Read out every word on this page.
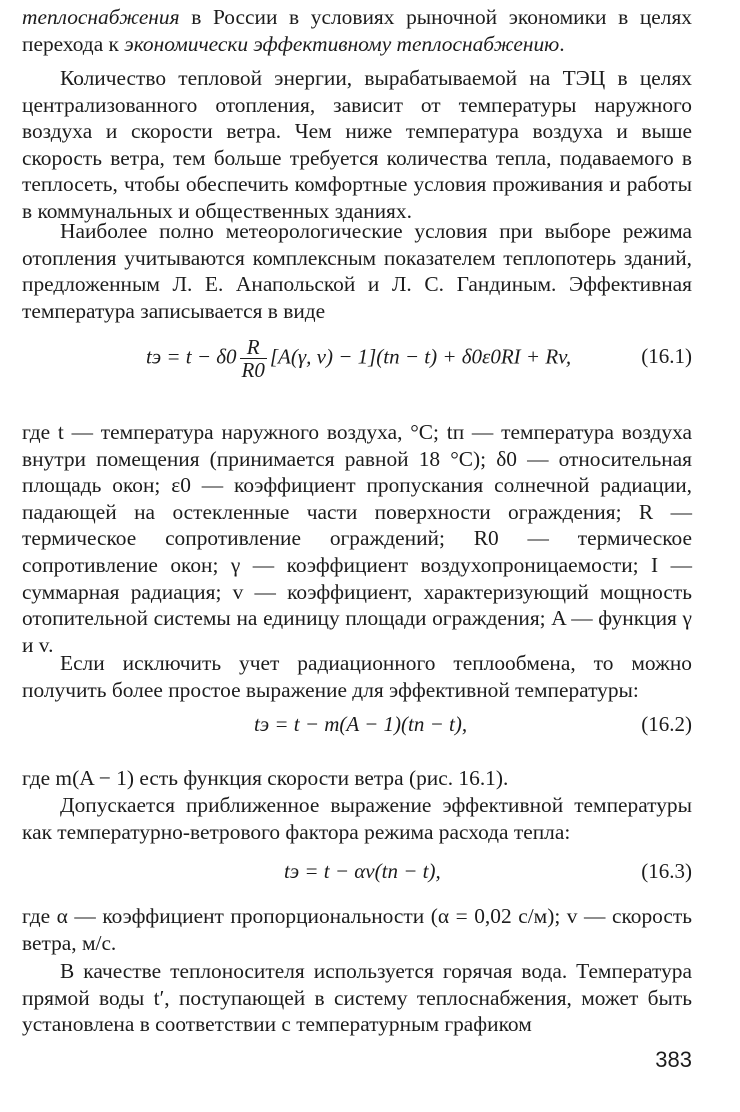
теплоснабжения в России в условиях рыночной экономики в целях перехода к экономически эффективному теплоснабжению.

Количество тепловой энергии, вырабатываемой на ТЭЦ в целях централизованного отопления, зависит от температуры наружного воздуха и скорости ветра. Чем ниже температура воздуха и выше скорость ветра, тем больше требуется количества тепла, подаваемого в теплосеть, чтобы обеспечить комфортные условия проживания и работы в коммунальных и общественных зданиях.

Наиболее полно метеорологические условия при выборе режима отопления учитываются комплексным показателем теплопотерь зданий, предложенным Л. Е. Анапольской и Л. С. Гандиным. Эффективная температура записывается в виде

tэ = $t - \delta 0 \frac{R}{R0} [A(\gamma$, v) − 1](tп − t) + δ0ε0RI + Rv,	(16.1)

где t — температура наружного воздуха, °C; tп — температура воздуха внутри помещения (принимается равной 18 °C); δ0 — относительная площадь окон; ε0 — коэффициент пропускания солнечной радиации, падающей на остекленные части поверхности ограждения; R — термическое сопротивление ограждений; R0 — термическое сопротивление окон; γ — коэффициент воздухопроницаемости; I — суммарная радиация; v — коэффициент, характеризующий мощность отопительной системы на единицу площади ограждения; A — функция γ и v.

Если исключить учет радиационного теплообмена, то можно получить более простое выражение для эффективной температуры:

tэ = t − m(A − 1)(tп − t),	(16.2)

где m(A − 1) есть функция скорости ветра (рис. 16.1).

Допускается приближенное выражение эффективной температуры как температурно-ветрового фактора режима расхода тепла:

tэ = t − αv(tп − t),	(16.3)

где α — коэффициент пропорциональности (α = 0,02 с/м); v — скорость ветра, м/с.

В качестве теплоносителя используется горячая вода. Температура прямой воды t′, поступающей в систему теплоснабжения, может быть установлена в соответствии с температурным графиком

383
